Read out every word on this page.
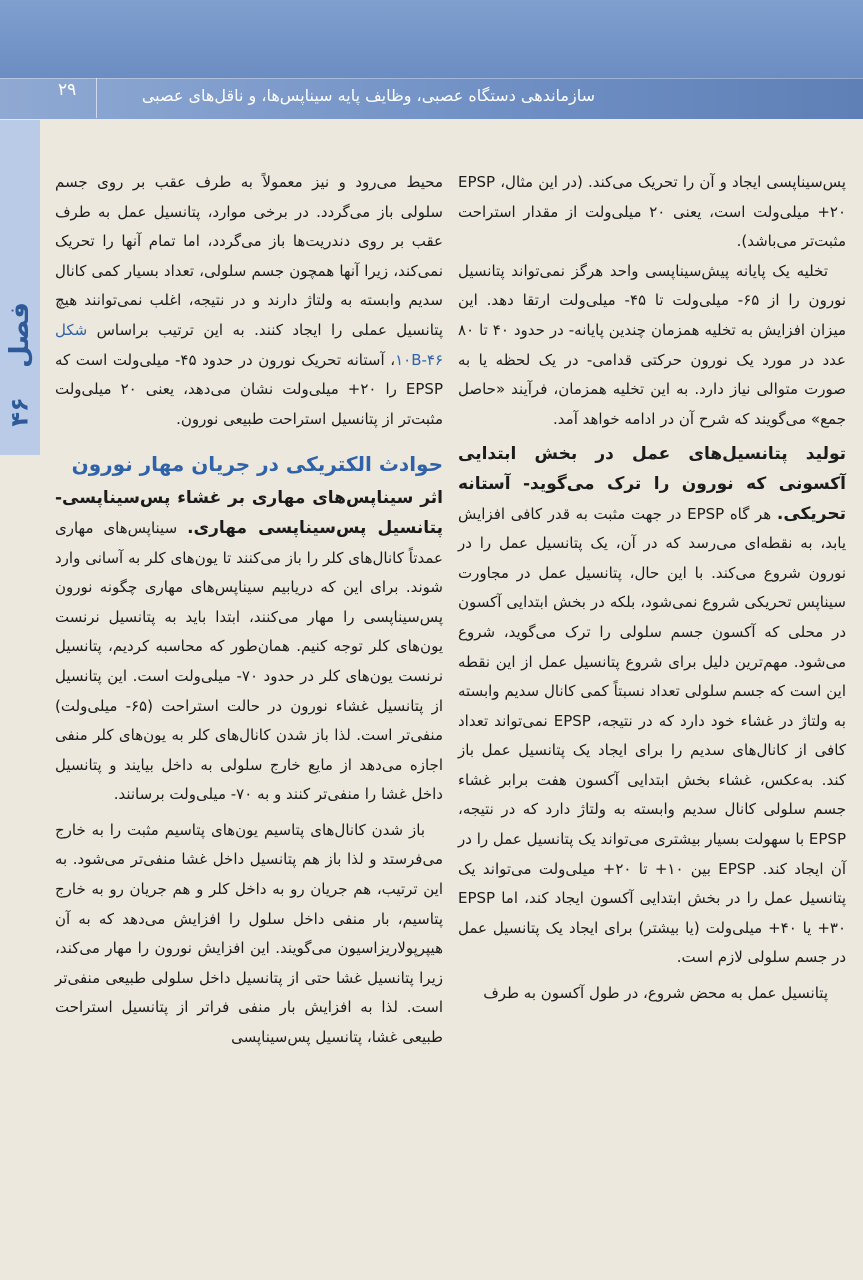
۲۹	سازماندهی دستگاه عصبی، وظایف پایه سیناپس‌ها، و ناقل‌های عصبی
فصل
۴۶

پس‌سیناپسی ایجاد و آن را تحریک می‌کند. (در این مثال، EPSP ‎+۲۰ میلی‌ولت است، یعنی ۲۰ میلی‌ولت از مقدار استراحت مثبت‌تر می‌باشد).

تخلیه یک پایانه پیش‌سیناپسی واحد هرگز نمی‌تواند پتانسیل نورون را از ‎-۶۵ میلی‌ولت تا ‎-۴۵ میلی‌ولت ارتقا دهد. این میزان افزایش به تخلیه همزمان چندین پایانه- در حدود ۴۰ تا ۸۰ عدد در مورد یک نورون حرکتی قدامی- در یک لحظه یا به صورت متوالی نیاز دارد. به این تخلیه همزمان، فرآیند «حاصل جمع» می‌گویند که شرح آن در ادامه خواهد آمد.

تولید پتانسیل‌های عمل در بخش ابتدایی آکسونی که نورون را ترک می‌گوید- آستانه تحریکی. هر گاه EPSP در جهت مثبت به قدر کافی افزایش یابد، به نقطه‌ای می‌رسد که در آن، یک پتانسیل عمل را در نورون شروع می‌کند. با این حال، پتانسیل عمل در مجاورت سیناپس تحریکی شروع نمی‌شود، بلکه در بخش ابتدایی آکسون در محلی که آکسون جسم سلولی را ترک می‌گوید، شروع می‌شود. مهم‌ترین دلیل برای شروع پتانسیل عمل از این نقطه این است که جسم سلولی تعداد نسبتاً کمی کانال سدیم وابسته به ولتاژ در غشاء خود دارد که در نتیجه، EPSP نمی‌تواند تعداد کافی از کانال‌های سدیم را برای ایجاد یک پتانسیل عمل باز کند. به‌عکس، غشاء بخش ابتدایی آکسون هفت برابر غشاء جسم سلولی کانال سدیم وابسته به ولتاژ دارد که در نتیجه، EPSP با سهولت بسیار بیشتری می‌تواند یک پتانسیل عمل را در آن ایجاد کند. EPSP بین ‎+۱۰ تا ‎+۲۰ میلی‌ولت می‌تواند یک پتانسیل عمل را در بخش ابتدایی آکسون ایجاد کند، اما EPSP ‎+۳۰ یا ‎+۴۰ میلی‌ولت (یا بیشتر) برای ایجاد یک پتانسیل عمل در جسم سلولی لازم است.

پتانسیل عمل به محض شروع، در طول آکسون به طرف

محیط می‌رود و نیز معمولاً به طرف عقب بر روی جسم سلولی باز می‌گردد. در برخی موارد، پتانسیل عمل به طرف عقب بر روی دندریت‌ها باز می‌گردد، اما تمام آنها را تحریک نمی‌کند، زیرا آنها همچون جسم سلولی، تعداد بسیار کمی کانال سدیم وابسته به ولتاژ دارند و در نتیجه، اغلب نمی‌توانند هیچ پتانسیل عملی را ایجاد کنند. به این ترتیب براساس شکل ۱۰B-۴۶، آستانه تحریک نورون در حدود ‎-۴۵ میلی‌ولت است که EPSP را ‎+۲۰ میلی‌ولت نشان می‌دهد، یعنی ۲۰ میلی‌ولت مثبت‌تر از پتانسیل استراحت طبیعی نورون.

حوادث الکتریکی در جریان مهار نورون

اثر سیناپس‌های مهاری بر غشاء پس‌سیناپسی- پتانسیل پس‌سیناپسی مهاری. سیناپس‌های مهاری عمدتاً کانال‌های کلر را باز می‌کنند تا یون‌های کلر به آسانی وارد شوند. برای این که دریابیم سیناپس‌های مهاری چگونه نورون پس‌سیناپسی را مهار می‌کنند، ابتدا باید به پتانسیل نرنست یون‌های کلر توجه کنیم. همان‌طور که محاسبه کردیم، پتانسیل نرنست یون‌های کلر در حدود ‎-۷۰ میلی‌ولت است. این پتانسیل از پتانسیل غشاء نورون در حالت استراحت (‎-۶۵ میلی‌ولت) منفی‌تر است. لذا باز شدن کانال‌های کلر به یون‌های کلر منفی اجازه می‌دهد از مایع خارج سلولی به داخل بیایند و پتانسیل داخل غشا را منفی‌تر کنند و به ‎-۷۰ میلی‌ولت برسانند.

باز شدن کانال‌های پتاسیم یون‌های پتاسیم مثبت را به خارج می‌فرستد و لذا باز هم پتانسیل داخل غشا منفی‌تر می‌شود. به این ترتیب، هم جریان رو به داخل کلر و هم جریان رو به خارج پتاسیم، بار منفی داخل سلول را افزایش می‌دهد که به آن هیپرپولاریزاسیون می‌گویند. این افزایش نورون را مهار می‌کند، زیرا پتانسیل غشا حتی از پتانسیل داخل سلولی طبیعی منفی‌تر است. لذا به افزایش بار منفی فراتر از پتانسیل استراحت طبیعی غشا، پتانسیل پس‌سیناپسی
